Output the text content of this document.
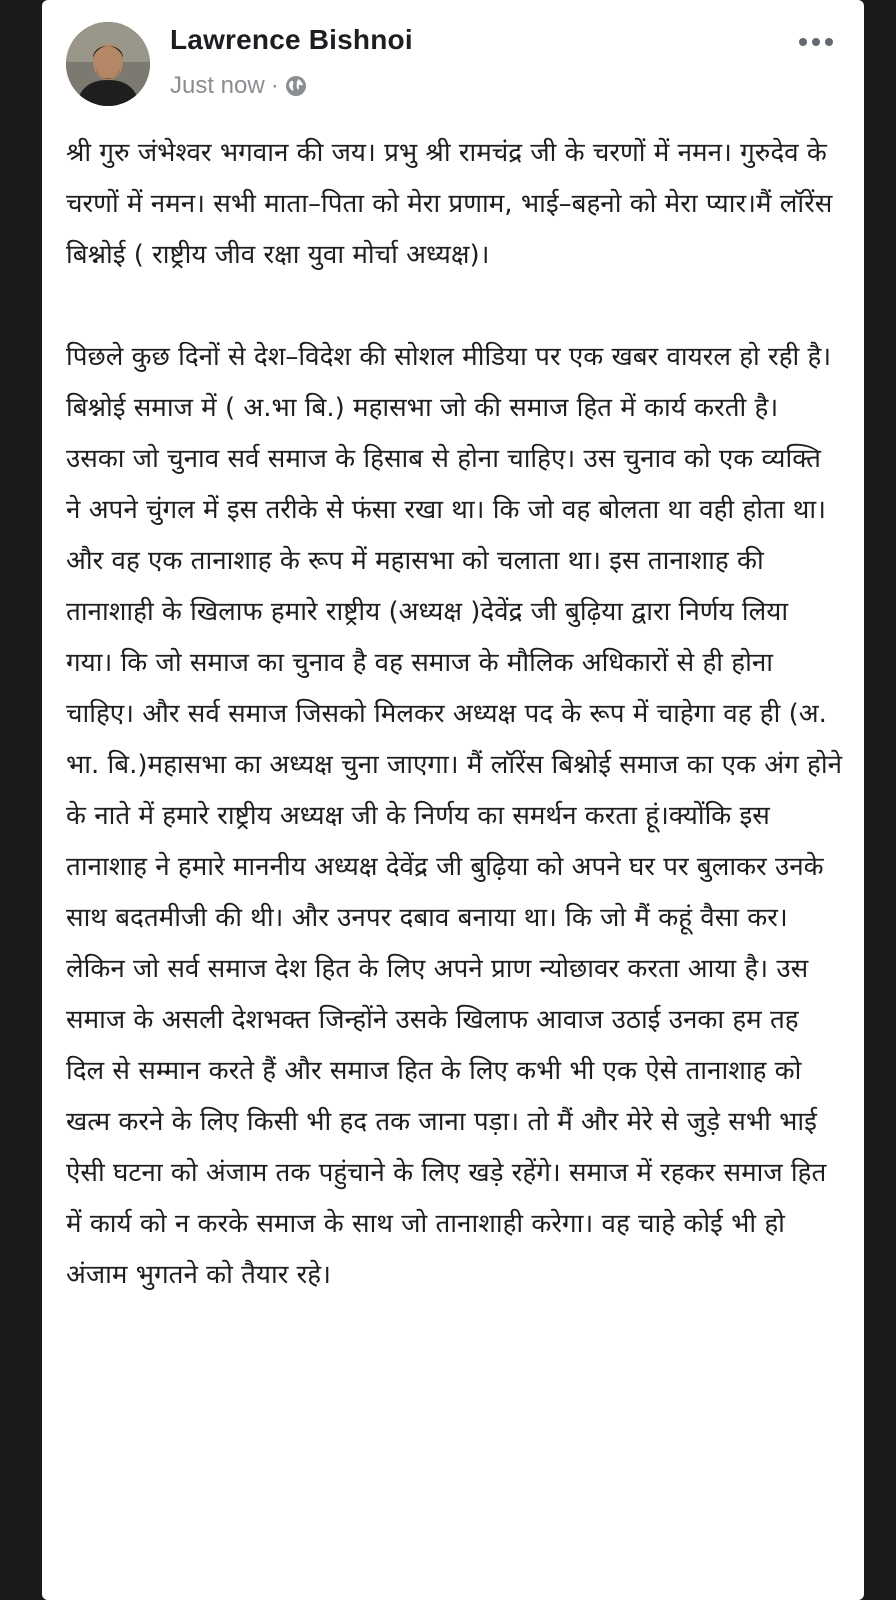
Lawrence Bishnoi
Just now ·

श्री गुरु जंभेश्वर भगवान की जय। प्रभु श्री रामचंद्र जी के चरणों में नमन। गुरुदेव के चरणों में नमन। सभी माता–पिता को मेरा प्रणाम, भाई–बहनो को मेरा प्यार।मैं लॉरेंस बिश्नोई ( राष्ट्रीय जीव रक्षा युवा मोर्चा अध्यक्ष)।

पिछले कुछ दिनों से देश–विदेश की सोशल मीडिया पर एक खबर वायरल हो रही है। बिश्नोई समाज में ( अ.भा बि.) महासभा जो की समाज हित में कार्य करती है। उसका जो चुनाव सर्व समाज के हिसाब से होना चाहिए। उस चुनाव को एक व्यक्ति ने अपने चुंगल में इस तरीके से फंसा रखा था। कि जो वह बोलता था वही होता था। और वह एक तानाशाह के रूप में महासभा को चलाता था। इस तानाशाह की तानाशाही के खिलाफ हमारे राष्ट्रीय (अध्यक्ष )देवेंद्र जी बुढ़िया द्वारा निर्णय लिया गया। कि जो समाज का चुनाव है वह समाज के मौलिक अधिकारों से ही होना चाहिए। और सर्व समाज जिसको मिलकर अध्यक्ष पद के रूप में चाहेगा वह ही (अ. भा. बि.)महासभा का अध्यक्ष चुना जाएगा। मैं लॉरेंस बिश्नोई समाज का एक अंग होने के नाते में हमारे राष्ट्रीय अध्यक्ष जी के निर्णय का समर्थन करता हूं।क्योंकि इस तानाशाह ने हमारे माननीय अध्यक्ष देवेंद्र जी बुढ़िया को अपने घर पर बुलाकर उनके साथ बदतमीजी की थी। और उनपर दबाव बनाया था। कि जो मैं कहूं वैसा कर। लेकिन जो सर्व समाज देश हित के लिए अपने प्राण न्योछावर करता आया है। उस समाज के असली देशभक्त जिन्होंने उसके खिलाफ आवाज उठाई उनका हम तह दिल से सम्मान करते हैं और समाज हित के लिए कभी भी एक ऐसे तानाशाह को खत्म करने के लिए किसी भी हद तक जाना पड़ा। तो मैं और मेरे से जुड़े सभी भाई ऐसी घटना को अंजाम तक पहुंचाने के लिए खड़े रहेंगे। समाज में रहकर समाज हित में कार्य को न करके समाज के साथ जो तानाशाही करेगा। वह चाहे कोई भी हो अंजाम भुगतने को तैयार रहे।
